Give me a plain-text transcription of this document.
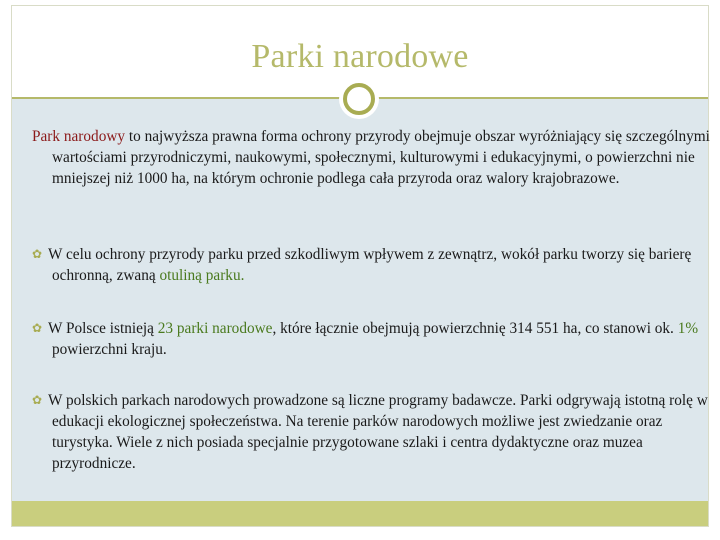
Parki narodowe

Park narodowy to najwyższa prawna forma ochrony przyrody obejmuje obszar wyróżniający się szczególnymi wartościami przyrodniczymi, naukowymi, społecznymi, kulturowymi i edukacyjnymi, o powierzchni nie mniejszej niż 1000 ha, na którym ochronie podlega cała przyroda oraz walory krajobrazowe.

✿ W celu ochrony przyrody parku przed szkodliwym wpływem z zewnątrz, wokół parku tworzy się barierę ochronną, zwaną otuliną parku.

✿ W Polsce istnieją 23 parki narodowe, które łącznie obejmują powierzchnię 314 551 ha, co stanowi ok. 1% powierzchni kraju.

✿ W polskich parkach narodowych prowadzone są liczne programy badawcze. Parki odgrywają istotną rolę w edukacji ekologicznej społeczeństwa. Na terenie parków narodowych możliwe jest zwiedzanie oraz turystyka. Wiele z nich posiada specjalnie przygotowane szlaki i centra dydaktyczne oraz muzea przyrodnicze.
